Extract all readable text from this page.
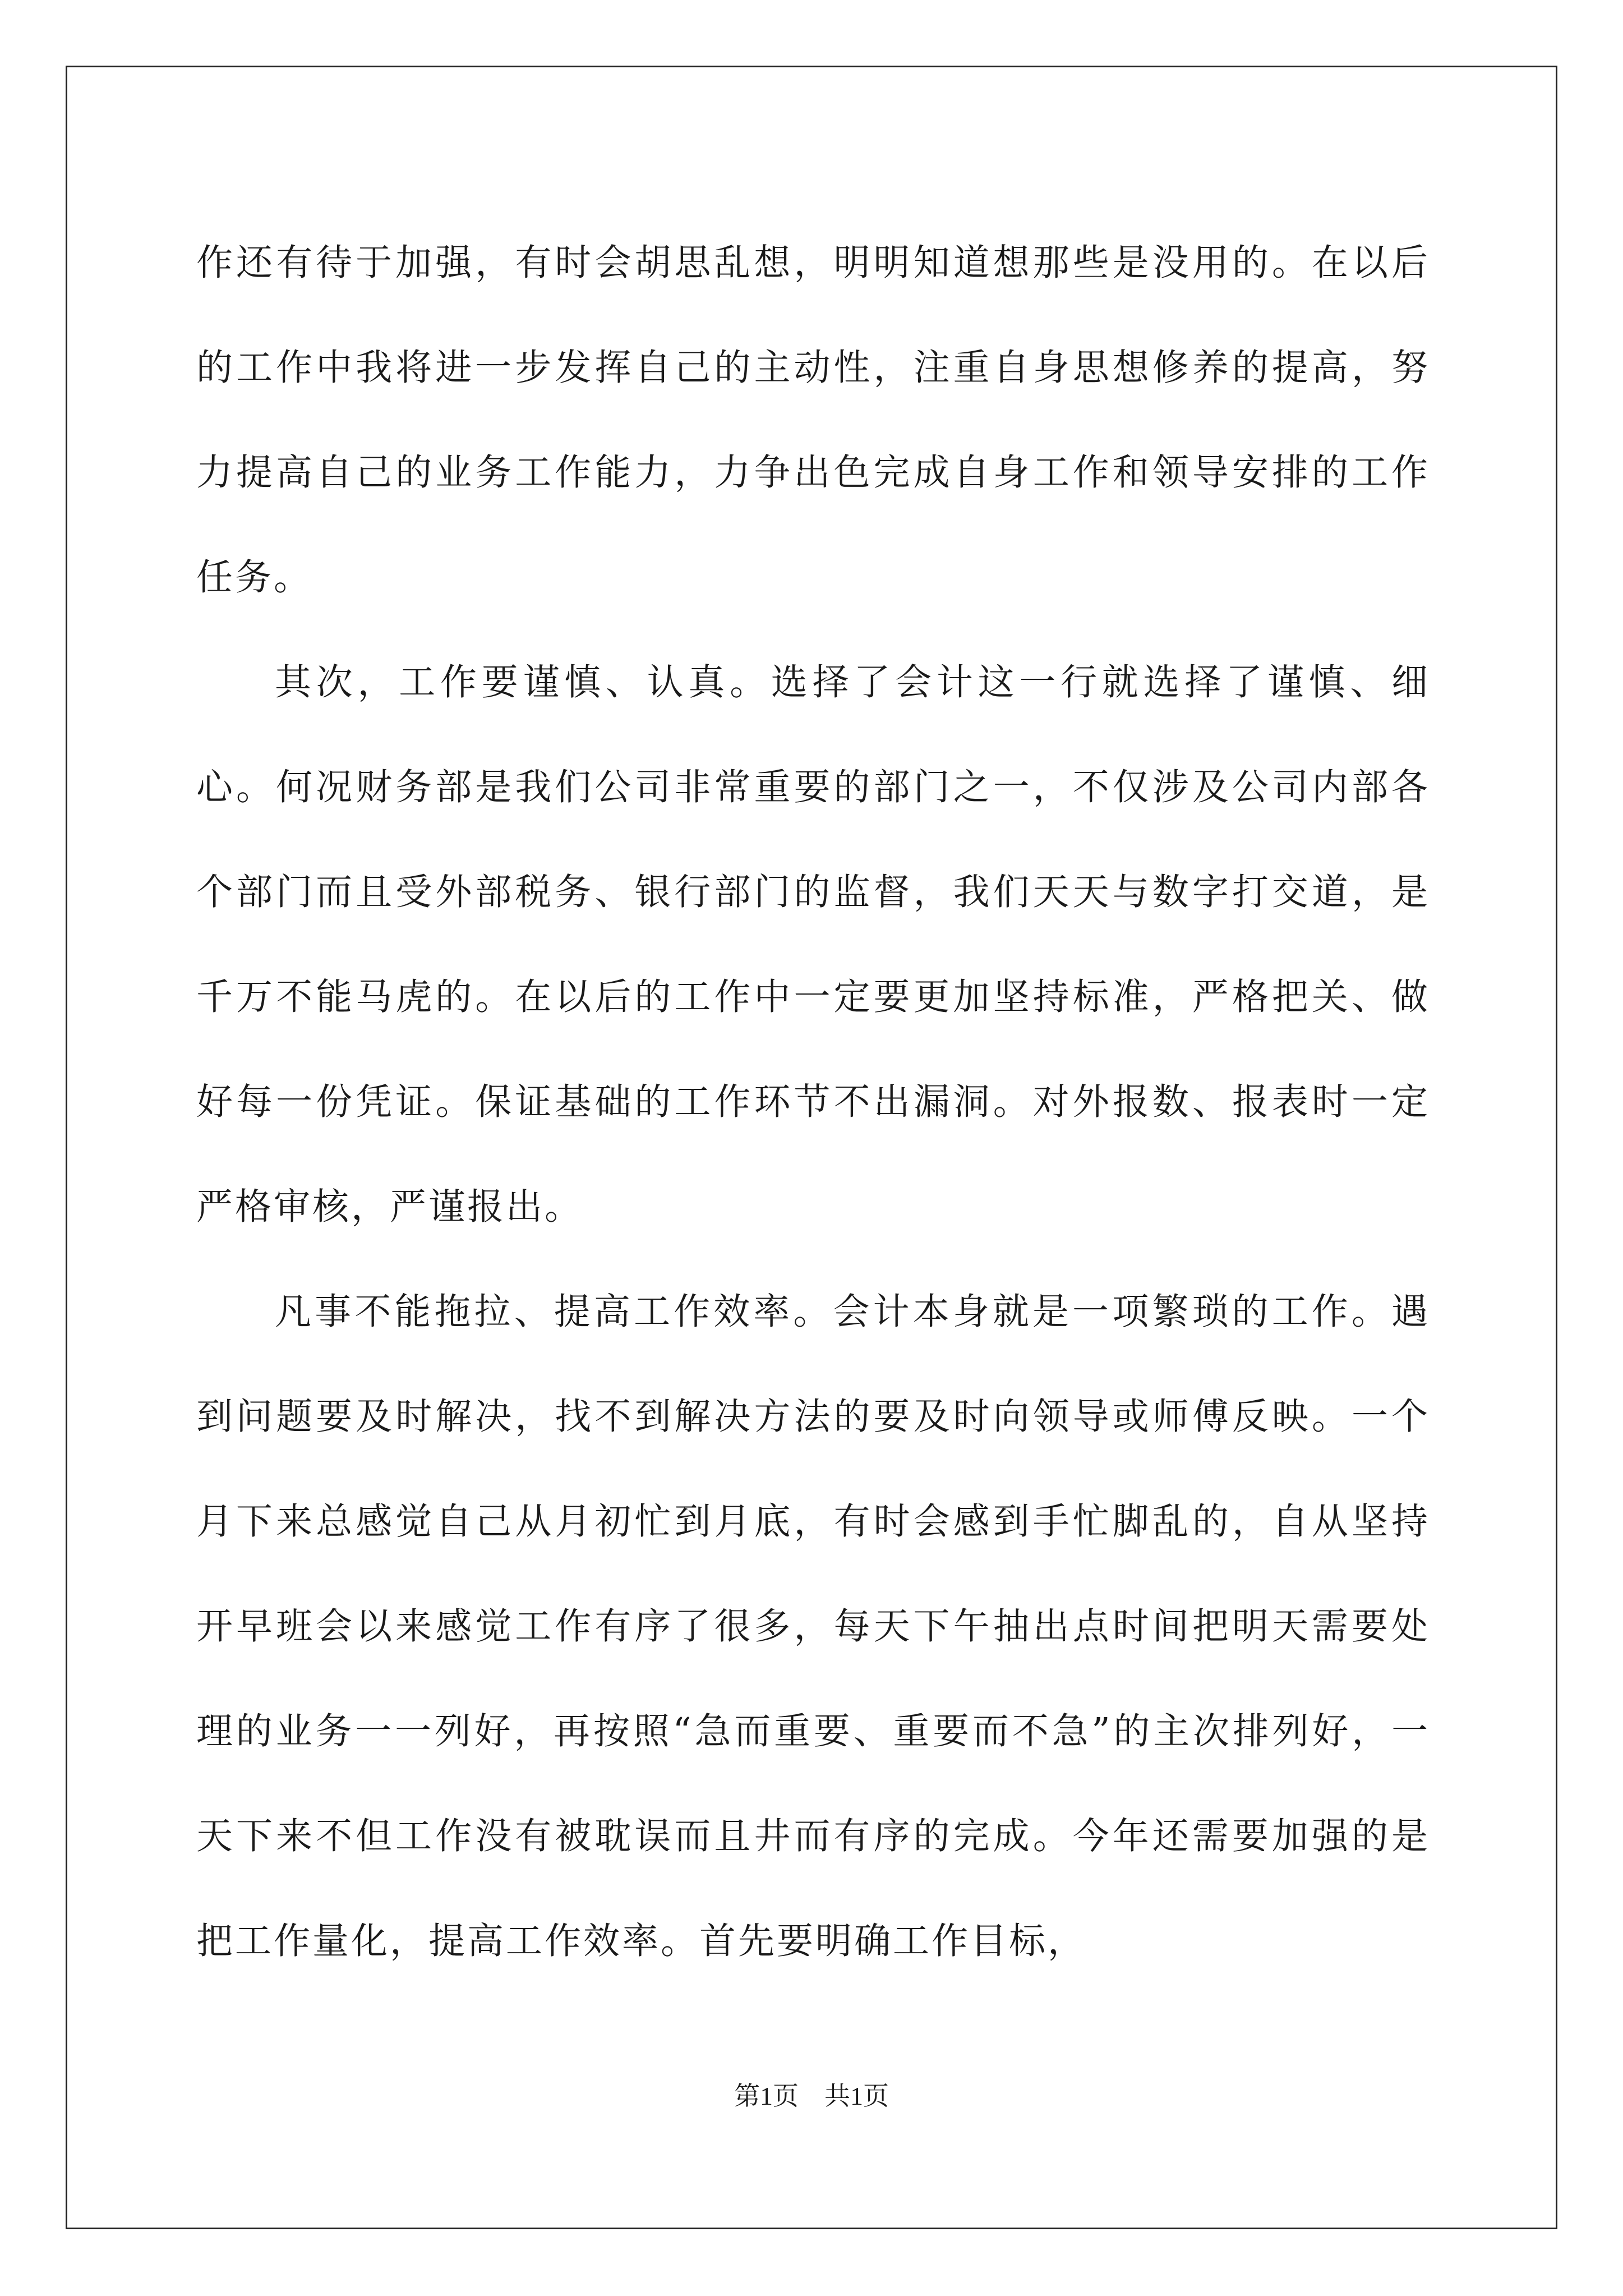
作还有待于加强，有时会胡思乱想，明明知道想那些是没用的。在以后的工作中我将进一步发挥自己的主动性，注重自身思想修养的提高，努力提高自己的业务工作能力，力争出色完成自身工作和领导安排的工作任务。

其次，工作要谨慎、认真。选择了会计这一行就选择了谨慎、细心。何况财务部是我们公司非常重要的部门之一，不仅涉及公司内部各个部门而且受外部税务、银行部门的监督，我们天天与数字打交道，是千万不能马虎的。在以后的工作中一定要更加坚持标准，严格把关、做好每一份凭证。保证基础的工作环节不出漏洞。对外报数、报表时一定严格审核，严谨报出。

凡事不能拖拉、提高工作效率。会计本身就是一项繁琐的工作。遇到问题要及时解决，找不到解决方法的要及时向领导或师傅反映。一个月下来总感觉自己从月初忙到月底，有时会感到手忙脚乱的，自从坚持开早班会以来感觉工作有序了很多，每天下午抽出点时间把明天需要处理的业务一一列好，再按照“急而重要、重要而不急”的主次排列好，一天下来不但工作没有被耽误而且井而有序的完成。今年还需要加强的是把工作量化，提高工作效率。首先要明确工作目标，

第1页　共1页
